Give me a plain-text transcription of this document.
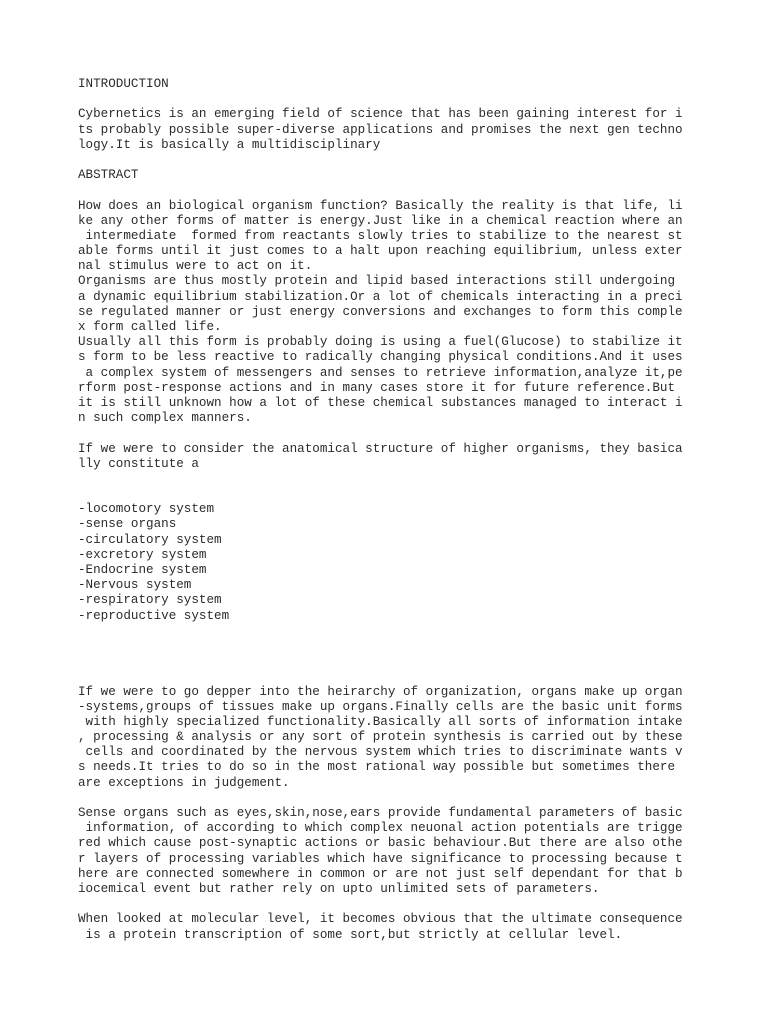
INTRODUCTION
Cybernetics is an emerging field of science that has been gaining interest for i
ts probably possible super-diverse applications and promises the next gen techno
logy.It is basically a multidisciplinary
ABSTRACT
How does an biological organism function? Basically the reality is that life, li
ke any other forms of matter is energy.Just like in a chemical reaction where an
intermediate  formed from reactants slowly tries to stabilize to the nearest st
able forms until it just comes to a halt upon reaching equilibrium, unless exter
nal stimulus were to act on it.
Organisms are thus mostly protein and lipid based interactions still undergoing
a dynamic equilibrium stabilization.Or a lot of chemicals interacting in a preci
se regulated manner or just energy conversions and exchanges to form this comple
x form called life.
Usually all this form is probably doing is using a fuel(Glucose) to stabilize it
s form to be less reactive to radically changing physical conditions.And it uses
a complex system of messengers and senses to retrieve information,analyze it,pe
rform post-response actions and in many cases store it for future reference.But
it is still unknown how a lot of these chemical substances managed to interact i
n such complex manners.
If we were to consider the anatomical structure of higher organisms, they basica
lly constitute a
-locomotory system
-sense organs
-circulatory system
-excretory system
-Endocrine system
-Nervous system
-respiratory system
-reproductive system
If we were to go depper into the heirarchy of organization, organs make up organ
-systems,groups of tissues make up organs.Finally cells are the basic unit forms
with highly specialized functionality.Basically all sorts of information intake
, processing & analysis or any sort of protein synthesis is carried out by these
cells and coordinated by the nervous system which tries to discriminate wants v
s needs.It tries to do so in the most rational way possible but sometimes there
are exceptions in judgement.
Sense organs such as eyes,skin,nose,ears provide fundamental parameters of basic
information, of according to which complex neuonal action potentials are trigge
red which cause post-synaptic actions or basic behaviour.But there are also othe
r layers of processing variables which have significance to processing because t
here are connected somewhere in common or are not just self dependant for that b
iocemical event but rather rely on upto unlimited sets of parameters.
When looked at molecular level, it becomes obvious that the ultimate consequence
is a protein transcription of some sort,but strictly at cellular level.
